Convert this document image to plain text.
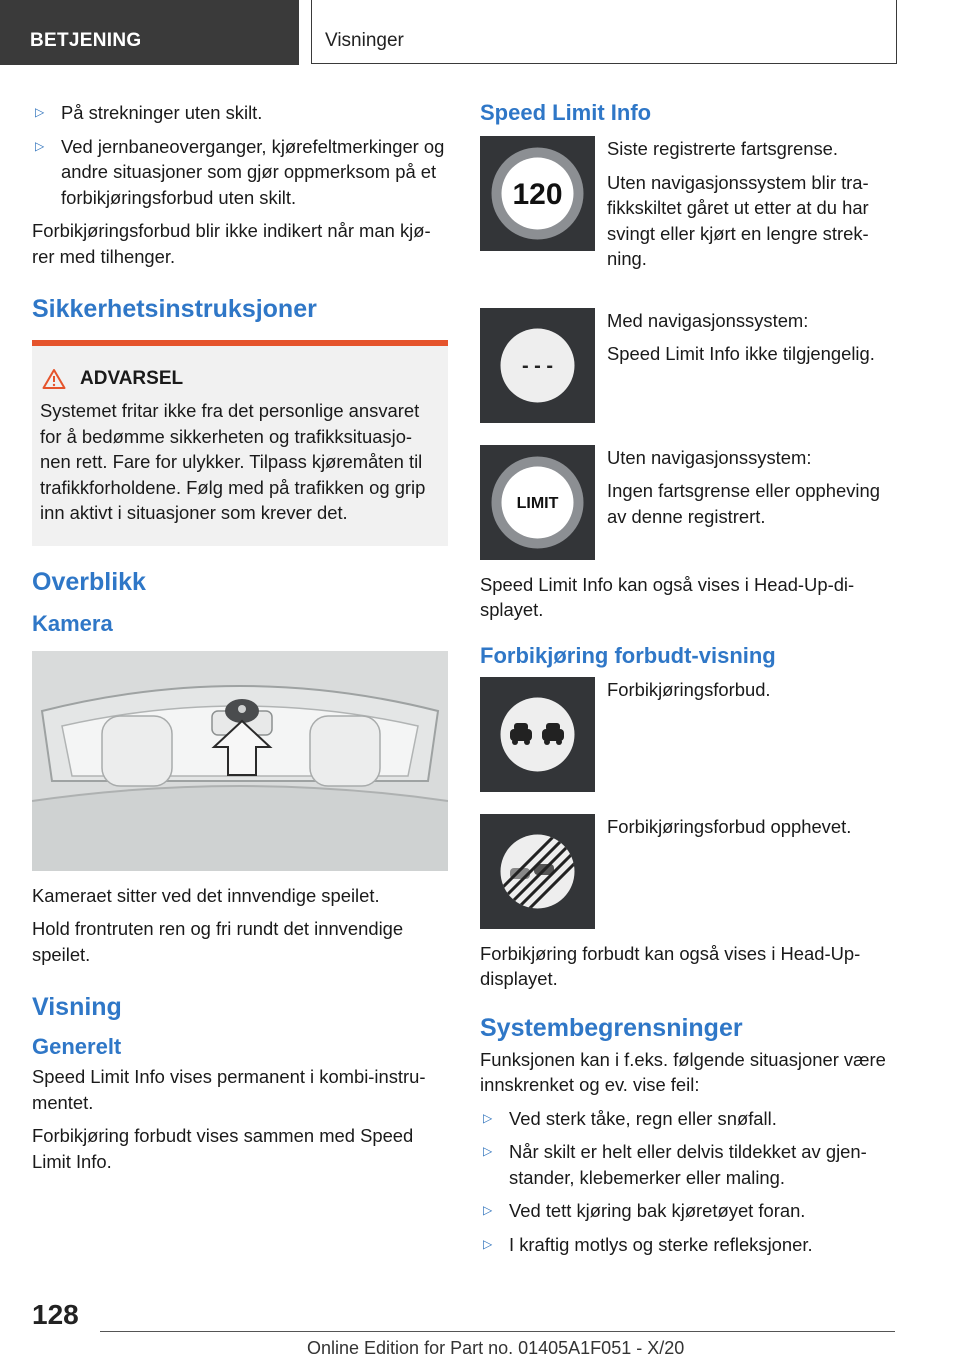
BETJENING	Visninger
▷ På strekninger uten skilt.

▷ Ved jernbaneoverganger, kjørefeltmerkinger og andre situasjoner som gjør oppmerksom på et forbikjøringsforbud uten skilt.

Forbikjøringsforbud blir ikke indikert når man kjø‐rer med tilhenger.

Sikkerhetsinstruksjoner
ADVARSEL

Systemet fritar ikke fra det personlige ansvaret for å bedømme sikkerheten og trafikksituasjo‐nen rett. Fare for ulykker. Tilpass kjøremåten til trafikkforholdene. Følg med på trafikken og grip inn aktivt i situasjoner som krever det.

Overblikk
Kamera

Kameraet sitter ved det innvendige speilet.

Hold frontruten ren og fri rundt det innvendige speilet.

Visning
Generelt

Speed Limit Info vises permanent i kombi-instru‐mentet.

Forbikjøring forbudt vises sammen med Speed Limit Info.

Speed Limit Info
120

Siste registrerte fartsgrense.

Uten navigasjonssystem blir tra‐fikkskiltet gåret ut etter at du har svingt eller kjørt en lengre strek‐ning.

- - -

Med navigasjonssystem:

Speed Limit Info ikke tilgjengelig.

LIMIT

Uten navigasjonssystem:

Ingen fartsgrense eller oppheving av denne registrert.

Speed Limit Info kan også vises i Head-Up-di‐splayet.

Forbikjøring forbudt-visning

Forbikjøringsforbud.

Forbikjøringsforbud opphevet.

Forbikjøring forbudt kan også vises i Head-Up-displayet.

Systembegrensninger

Funksjonen kan i f.eks. følgende situasjoner være innskrenket og ev. vise feil:

▷ Ved sterk tåke, regn eller snøfall.

▷ Når skilt er helt eller delvis tildekket av gjen‐stander, klebemerker eller maling.

▷ Ved tett kjøring bak kjøretøyet foran.

▷ I kraftig motlys og sterke refleksjoner.

128
Online Edition for Part no. 01405A1F051 - X/20
